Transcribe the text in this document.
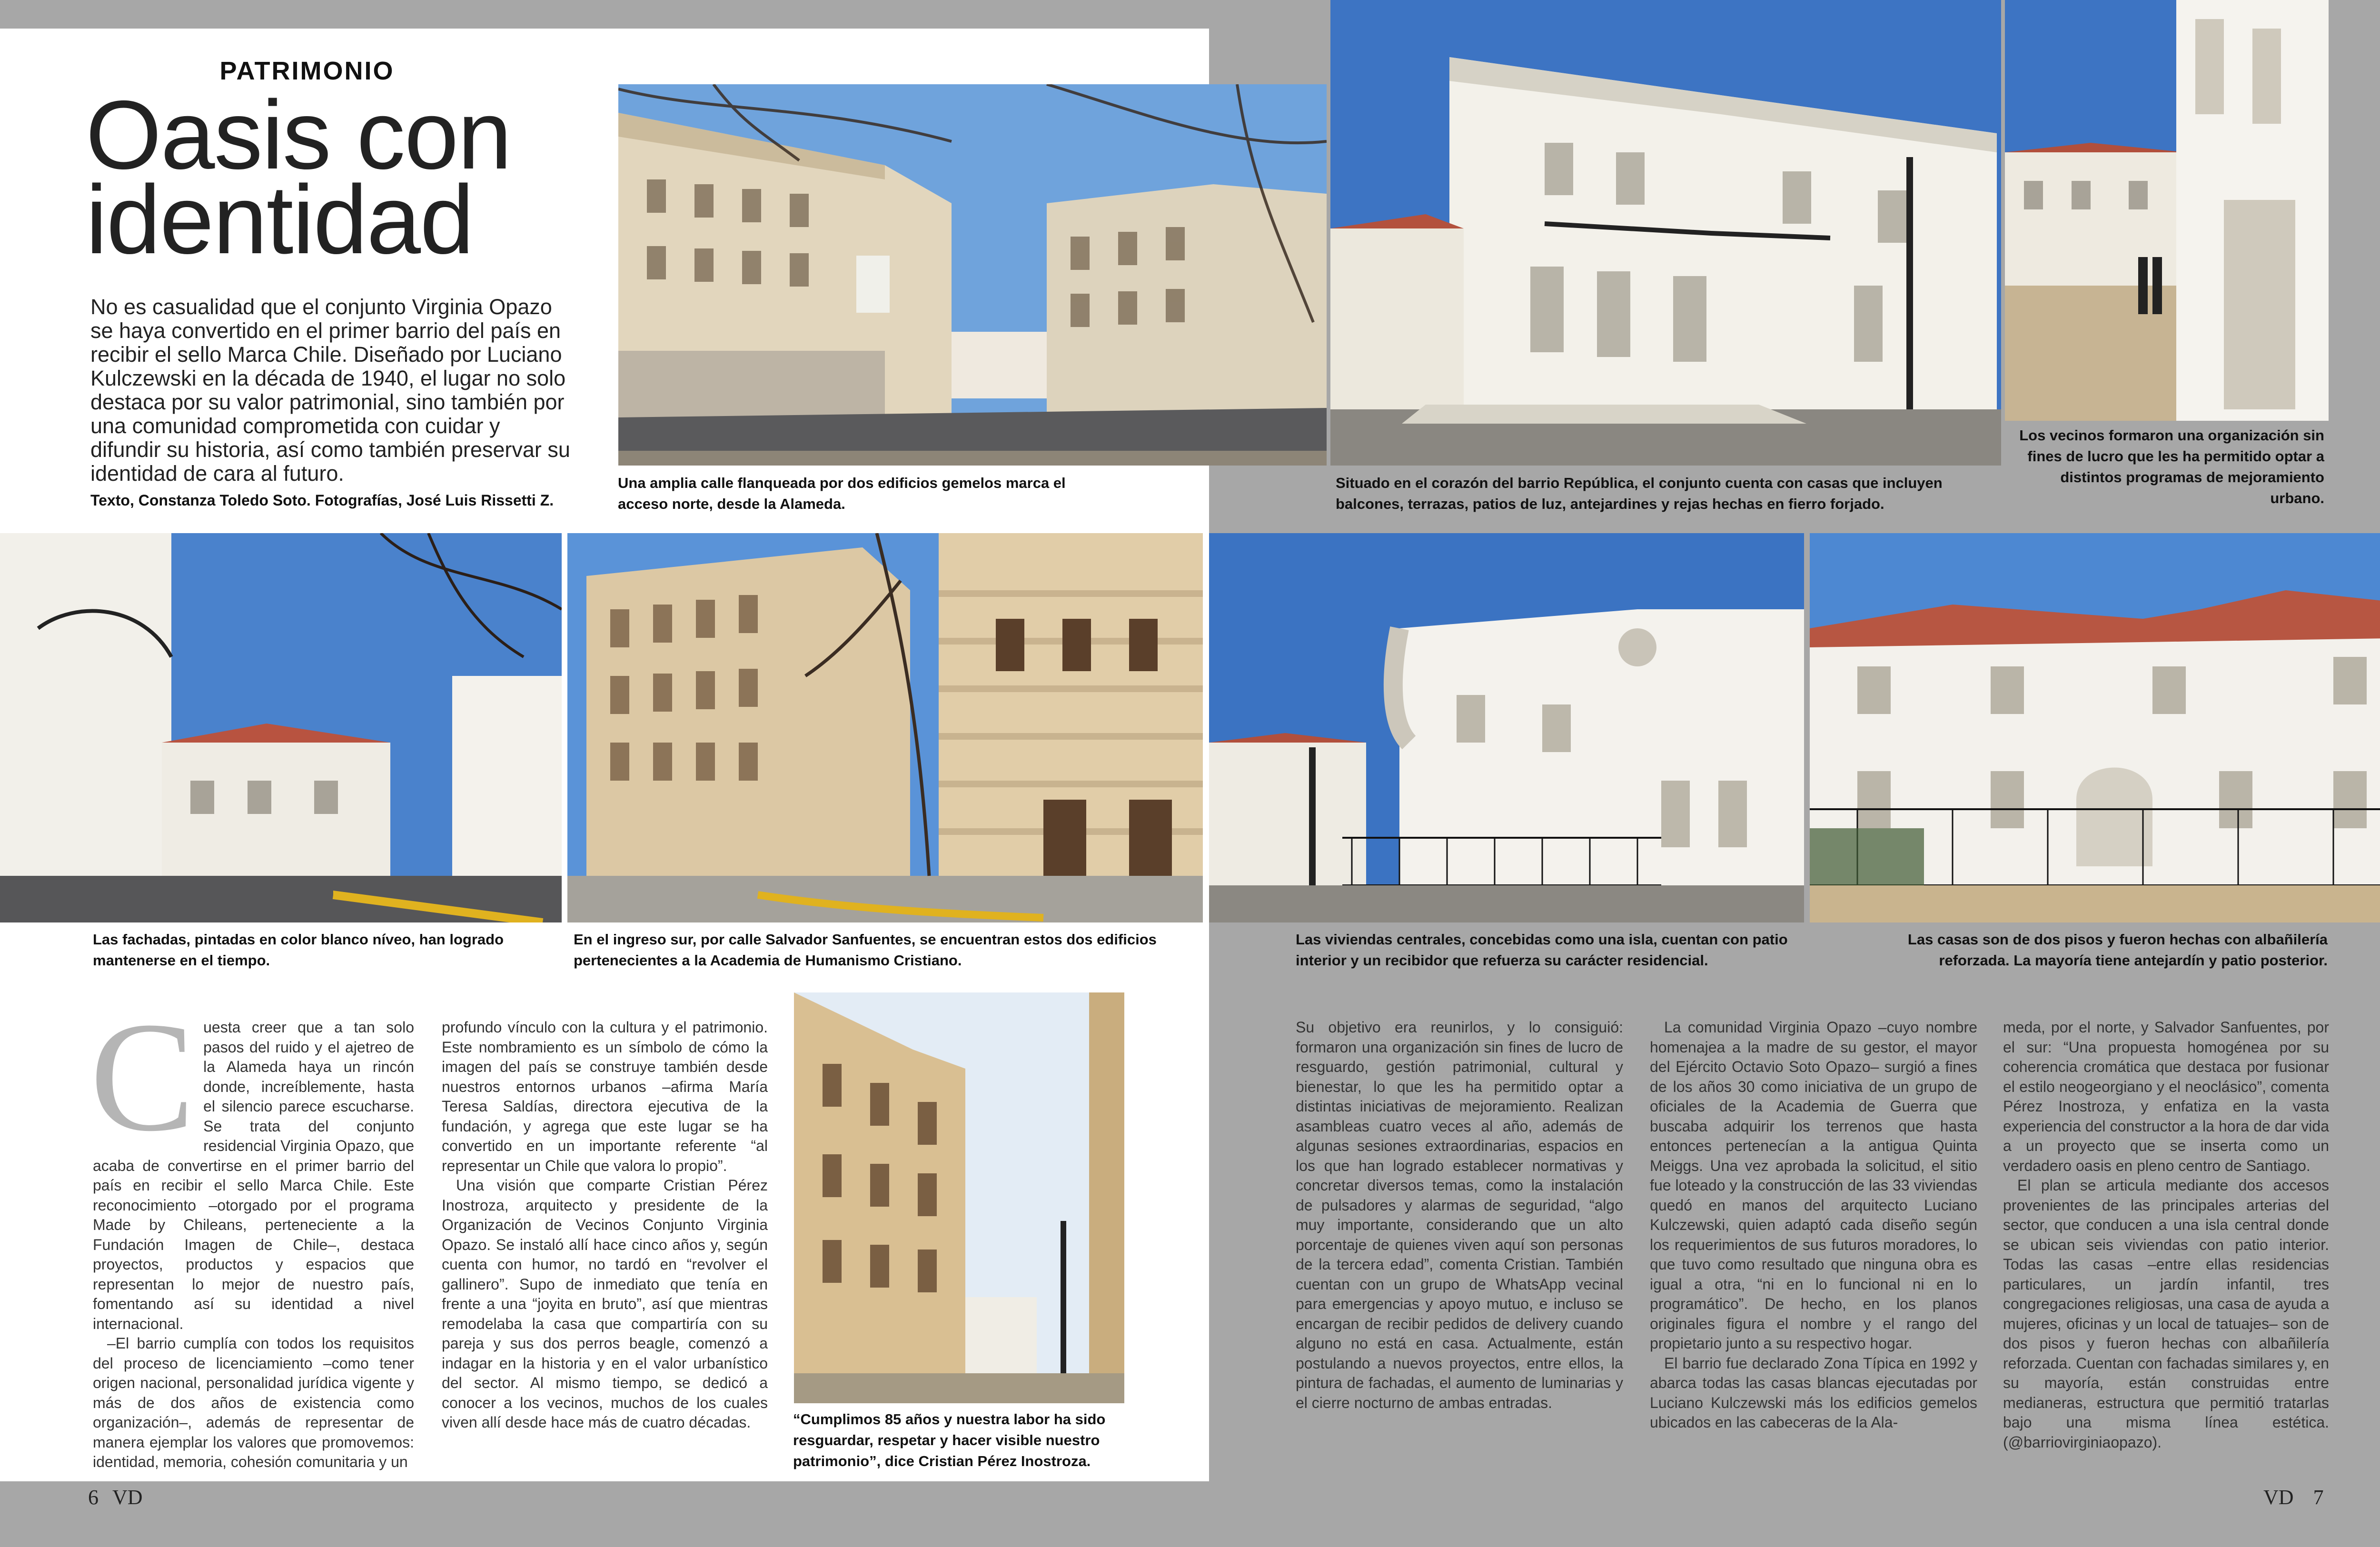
PATRIMONIO
Oasis con
identidad
No es casualidad que el conjunto Virginia Opazo se haya convertido en el primer barrio del país en recibir el sello Marca Chile. Diseñado por Luciano Kulczewski en la década de 1940, el lugar no solo destaca por su valor patrimonial, sino también por una comunidad comprometida con cuidar y difundir su historia, así como también preservar su identidad de cara al futuro.
Texto, Constanza Toledo Soto. Fotografías, José Luis Rissetti Z.
Una amplia calle flanqueada por dos edificios gemelos marca el acceso norte, desde la Alameda.
Situado en el corazón del barrio República, el conjunto cuenta con casas que incluyen balcones, terrazas, patios de luz, antejardines y rejas hechas en fierro forjado.
Los vecinos formaron una organización sin fines de lucro que les ha permitido optar a distintos programas de mejoramiento urbano.
Las fachadas, pintadas en color blanco níveo, han logrado mantenerse en el tiempo.
En el ingreso sur, por calle Salvador Sanfuentes, se encuentran estos dos edificios pertenecientes a la Academia de Humanismo Cristiano.
Las viviendas centrales, concebidas como una isla, cuentan con patio interior y un recibidor que refuerza su carácter residencial.
Las casas son de dos pisos y fueron hechas con albañilería reforzada. La mayoría tiene antejardín y patio posterior.
“Cumplimos 85 años y nuestra labor ha sido resguardar, respetar y hacer visible nuestro patrimonio”, dice Cristian Pérez Inostroza.
C uesta creer que a tan solo pasos del ruido y el ajetreo de la Alameda haya un rincón donde, increíblemente, hasta el silencio parece escucharse. Se trata del conjunto residencial Virginia Opazo, que acaba de convertirse en el primer barrio del país en recibir el sello Marca Chile. Este reconocimiento –otorgado por el programa Made by Chileans, perteneciente a la Fundación Imagen de Chile–, destaca proyectos, productos y espacios que representan lo mejor de nuestro país, fomentando así su identidad a nivel internacional.

–El barrio cumplía con todos los requisitos del proceso de licenciamiento –como tener origen nacional, personalidad jurídica vigente y más de dos años de existencia como organización–, además de representar de manera ejemplar los valores que promovemos: identidad, memoria, cohesión comunitaria y un

profundo vínculo con la cultura y el patrimonio. Este nombramiento es un símbolo de cómo la imagen del país se construye también desde nuestros entornos urbanos –afirma María Teresa Saldías, directora ejecutiva de la fundación, y agrega que este lugar se ha convertido en un importante referente “al representar un Chile que valora lo propio”.

Una visión que comparte Cristian Pérez Inostroza, arquitecto y presidente de la Organización de Vecinos Conjunto Virginia Opazo. Se instaló allí hace cinco años y, según cuenta con humor, no tardó en “revolver el gallinero”. Supo de inmediato que tenía en frente a una “joyita en bruto”, así que mientras remodelaba la casa que compartiría con su pareja y sus dos perros beagle, comenzó a indagar en la historia y en el valor urbanístico del sector. Al mismo tiempo, se dedicó a conocer a los vecinos, muchos de los cuales viven allí desde hace más de cuatro décadas.

Su objetivo era reunirlos, y lo consiguió: formaron una organización sin fines de lucro de resguardo, gestión patrimonial, cultural y bienestar, lo que les ha permitido optar a distintas iniciativas de mejoramiento. Realizan asambleas cuatro veces al año, además de algunas sesiones extraordinarias, espacios en los que han logrado establecer normativas y concretar diversos temas, como la instalación de pulsadores y alarmas de seguridad, “algo muy importante, considerando que un alto porcentaje de quienes viven aquí son personas de la tercera edad”, comenta Cristian. También cuentan con un grupo de WhatsApp vecinal para emergencias y apoyo mutuo, e incluso se encargan de recibir pedidos de delivery cuando alguno no está en casa. Actualmente, están postulando a nuevos proyectos, entre ellos, la pintura de fachadas, el aumento de luminarias y el cierre nocturno de ambas entradas.

La comunidad Virginia Opazo –cuyo nombre homenajea a la madre de su gestor, el mayor del Ejército Octavio Soto Opazo– surgió a fines de los años 30 como iniciativa de un grupo de oficiales de la Academia de Guerra que buscaba adquirir los terrenos que hasta entonces pertenecían a la antigua Quinta Meiggs. Una vez aprobada la solicitud, el sitio fue loteado y la construcción de las 33 viviendas quedó en manos del arquitecto Luciano Kulczewski, quien adaptó cada diseño según los requerimientos de sus futuros moradores, lo que tuvo como resultado que ninguna obra es igual a otra, “ni en lo funcional ni en lo programático”. De hecho, en los planos originales figura el nombre y el rango del propietario junto a su respectivo hogar.

El barrio fue declarado Zona Típica en 1992 y abarca todas las casas blancas ejecutadas por Luciano Kulczewski más los edificios gemelos ubicados en las cabeceras de la Ala-

meda, por el norte, y Salvador Sanfuentes, por el sur: “Una propuesta homogénea por su coherencia cromática que destaca por fusionar el estilo neogeorgiano y el neoclásico”, comenta Pérez Inostroza, y enfatiza en la vasta experiencia del constructor a la hora de dar vida a un proyecto que se inserta como un verdadero oasis en pleno centro de Santiago.

El plan se articula mediante dos accesos provenientes de las principales arterias del sector, que conducen a una isla central donde se ubican seis viviendas con patio interior. Todas las casas –entre ellas residencias particulares, un jardín infantil, tres congregaciones religiosas, una casa de ayuda a mujeres, oficinas y un local de tatuajes– son de dos pisos y fueron hechas con albañilería reforzada. Cuentan con fachadas similares y, en su mayoría, están construidas entre medianeras, estructura que permitió tratarlas bajo una misma línea estética. (@barriovirginiaopazo).

6 VD	VD 7
